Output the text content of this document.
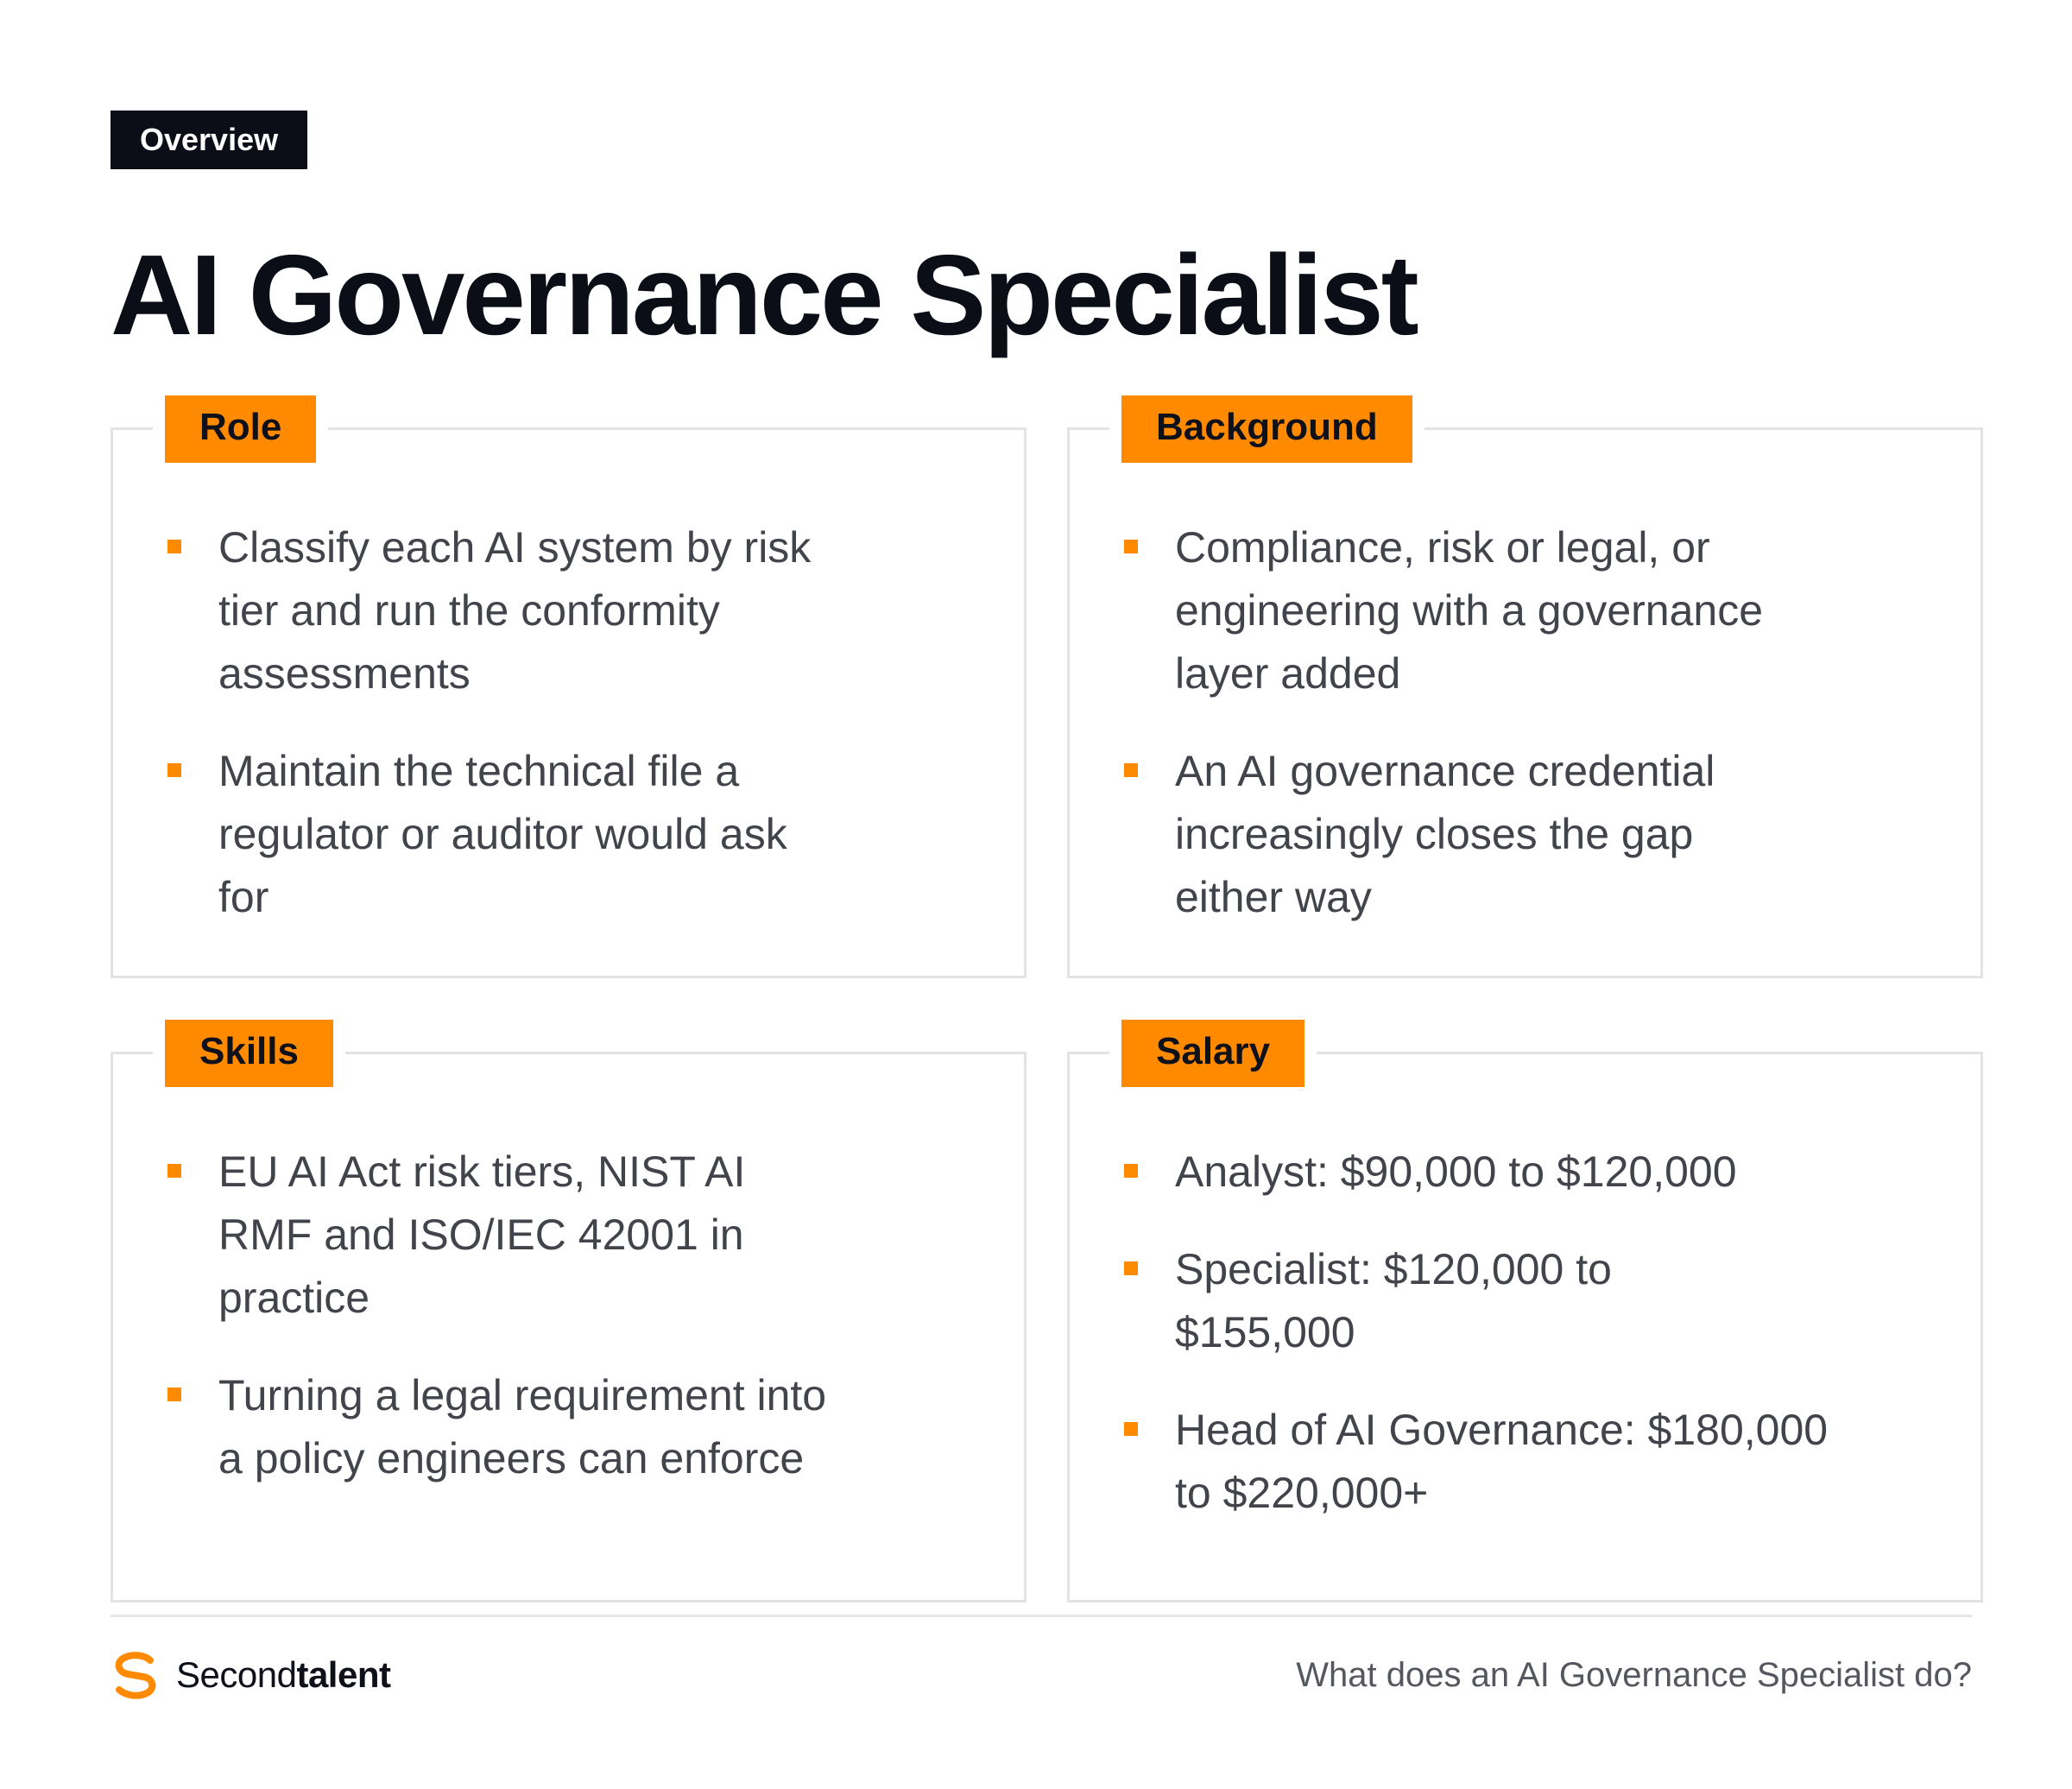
Overview
AI Governance Specialist
Role
Classify each AI system by risk tier and run the conformity assessments
Maintain the technical file a regulator or auditor would ask for
Background
Compliance, risk or legal, or engineering with a governance layer added
An AI governance credential increasingly closes the gap either way
Skills
EU AI Act risk tiers, NIST AI RMF and ISO/IEC 42001 in practice
Turning a legal requirement into a policy engineers can enforce
Salary
Analyst: $90,000 to $120,000
Specialist: $120,000 to $155,000
Head of AI Governance: $180,000 to $220,000+
Secondtalent	What does an AI Governance Specialist do?
